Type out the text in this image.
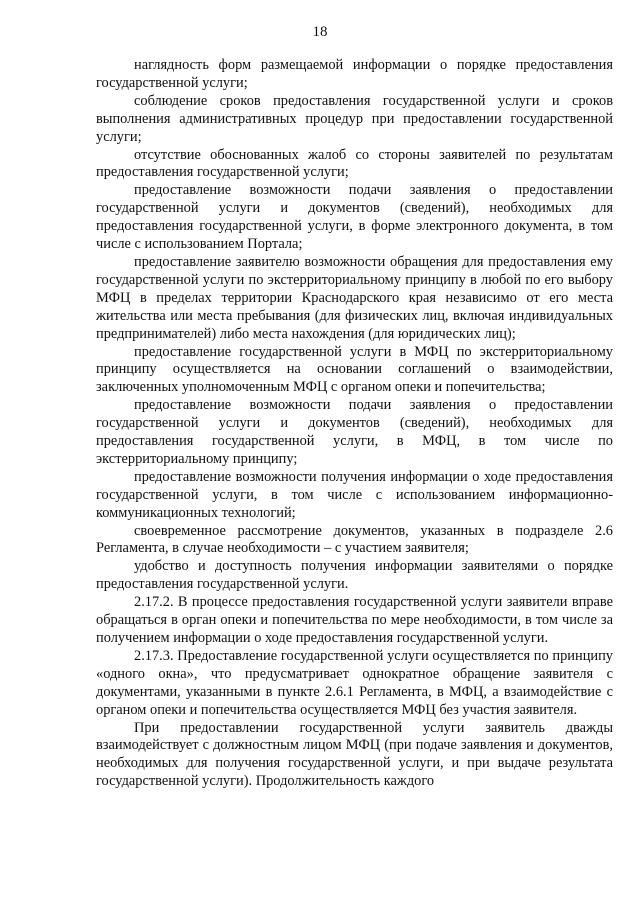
18

наглядность форм размещаемой информации о порядке предоставления государственной услуги;

соблюдение сроков предоставления государственной услуги и сроков выполнения административных процедур при предоставлении государственной услуги;

отсутствие обоснованных жалоб со стороны заявителей по результатам предоставления государственной услуги;

предоставление возможности подачи заявления о предоставлении государственной услуги и документов (сведений), необходимых для предоставления государственной услуги, в форме электронного документа, в том числе с использованием Портала;

предоставление заявителю возможности обращения для предоставления ему государственной услуги по экстерриториальному принципу в любой по его выбору МФЦ в пределах территории Краснодарского края независимо от его места жительства или места пребывания (для физических лиц, включая индивидуальных предпринимателей) либо места нахождения (для юридических лиц);

предоставление государственной услуги в МФЦ по экстерриториальному принципу осуществляется на основании соглашений о взаимодействии, заключенных уполномоченным МФЦ с органом опеки и попечительства;

предоставление возможности подачи заявления о предоставлении государственной услуги и документов (сведений), необходимых для предоставления государственной услуги, в МФЦ, в том числе по экстерриториальному принципу;

предоставление возможности получения информации о ходе предоставления государственной услуги, в том числе с использованием информационно-коммуникационных технологий;

своевременное рассмотрение документов, указанных в подразделе 2.6 Регламента, в случае необходимости – с участием заявителя;

удобство и доступность получения информации заявителями о порядке предоставления государственной услуги.

2.17.2. В процессе предоставления государственной услуги заявители вправе обращаться в орган опеки и попечительства по мере необходимости, в том числе за получением информации о ходе предоставления государственной услуги.

2.17.3. Предоставление государственной услуги осуществляется по принципу «одного окна», что предусматривает однократное обращение заявителя с документами, указанными в пункте 2.6.1 Регламента, в МФЦ, а взаимодействие с органом опеки и попечительства осуществляется МФЦ без участия заявителя.

При предоставлении государственной услуги заявитель дважды взаимодействует с должностным лицом МФЦ (при подаче заявления и документов, необходимых для получения государственной услуги, и при выдаче результата государственной услуги). Продолжительность каждого
